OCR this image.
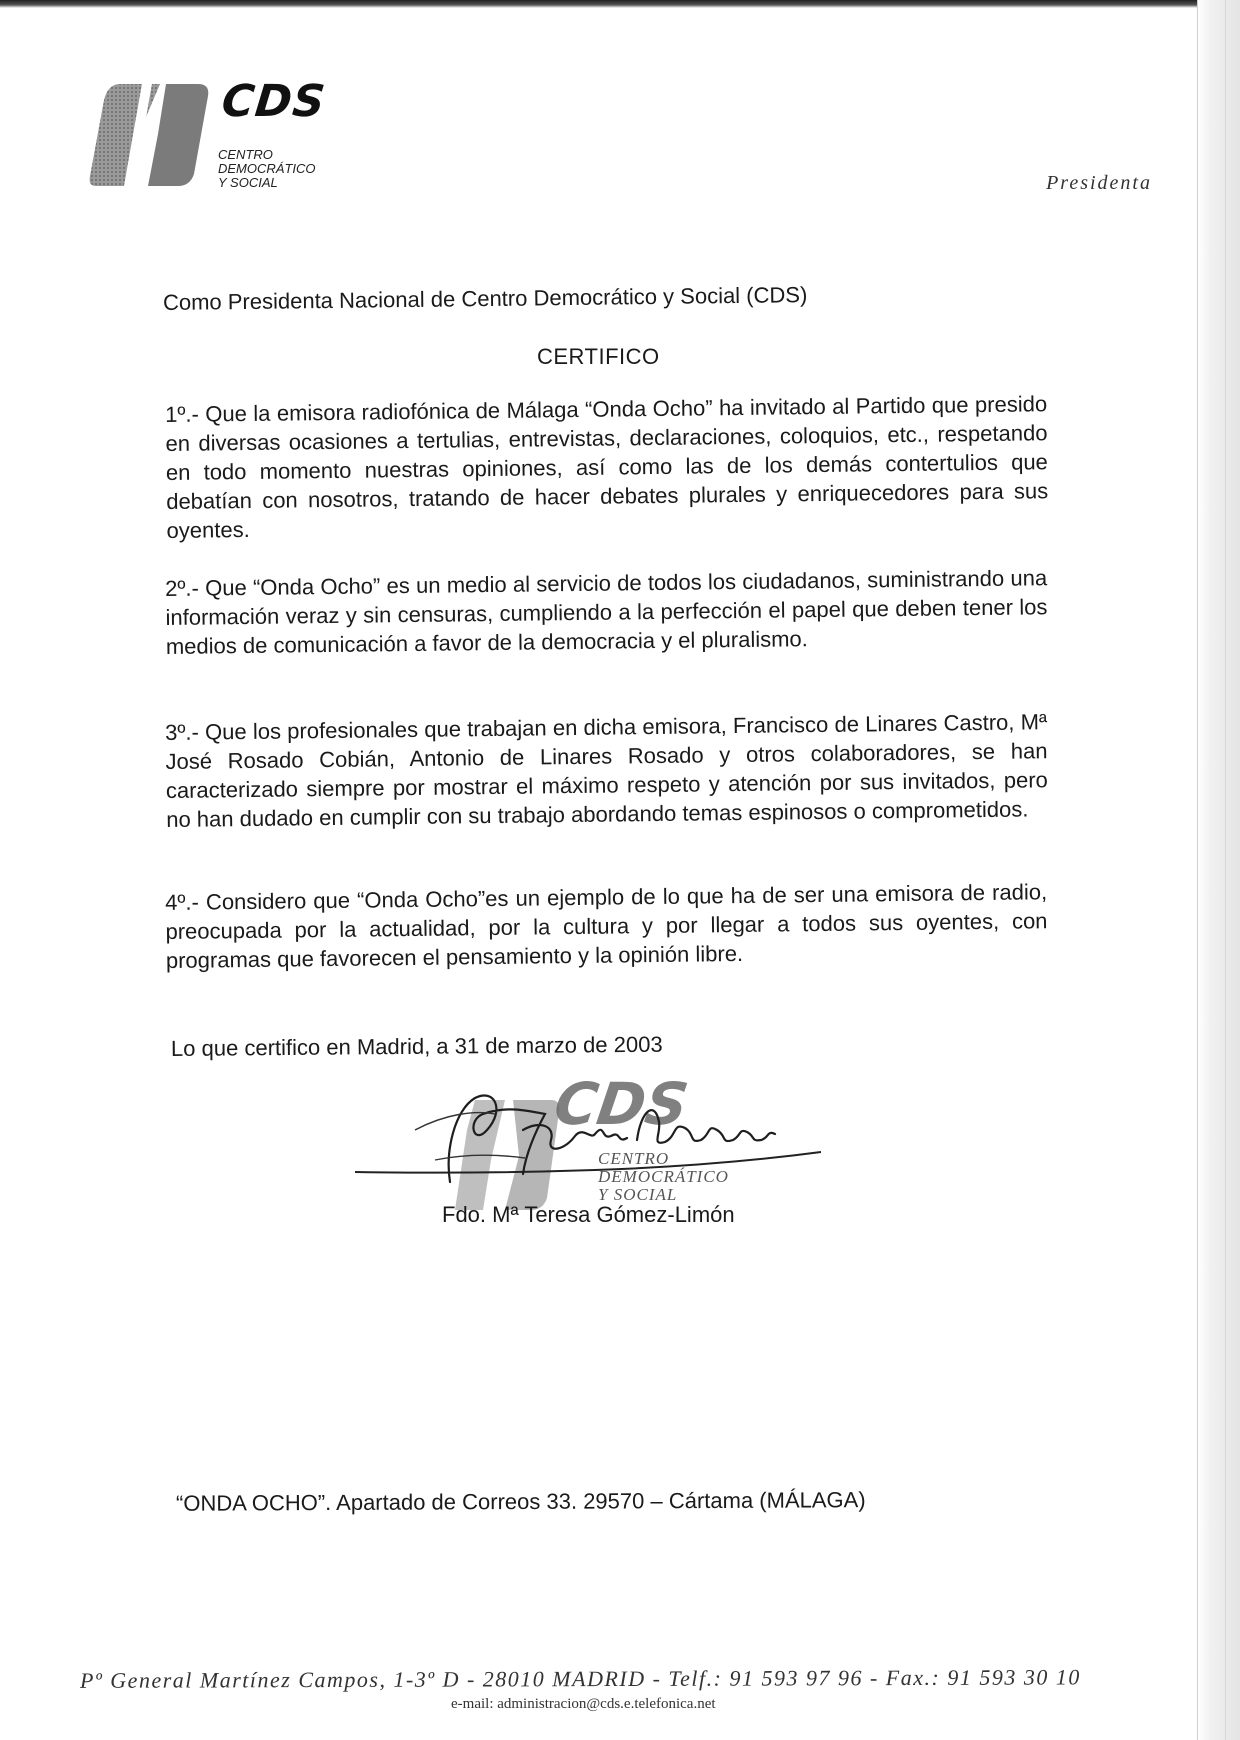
CDS
CENTRO
DEMOCRÁTICO
Y SOCIAL	Presidenta
Como Presidenta Nacional de Centro Democrático y Social (CDS)
CERTIFICO
1º.- Que la emisora radiofónica de Málaga “Onda Ocho” ha invitado al Partido que presido en diversas ocasiones a tertulias, entrevistas, declaraciones, coloquios, etc., respetando en todo momento nuestras opiniones, así como las de los demás contertulios que debatían con nosotros, tratando de hacer debates plurales y enriquecedores para sus oyentes.
2º.- Que “Onda Ocho” es un medio al servicio de todos los ciudadanos, suministrando una información veraz y sin censuras, cumpliendo a la perfección el papel que deben tener los medios de comunicación a favor de la democracia y el pluralismo.
3º.- Que los profesionales que trabajan en dicha emisora, Francisco de Linares Castro, Mª José Rosado Cobián, Antonio de Linares Rosado y otros colaboradores, se han caracterizado siempre por mostrar el máximo respeto y atención por sus invitados, pero no han dudado en cumplir con su trabajo abordando temas espinosos o comprometidos.
4º.- Considero que “Onda Ocho”es un ejemplo de lo que ha de ser una emisora de radio, preocupada por la actualidad, por la cultura y por llegar a todos sus oyentes, con programas que favorecen el pensamiento y la opinión libre.
Lo que certifico en Madrid, a 31 de marzo de 2003
CDS
CENTRO
DEMOCRÁTICO
Y SOCIAL
Fdo. Mª Teresa Gómez-Limón
“ONDA OCHO”. Apartado de Correos 33. 29570 – Cártama (MÁLAGA)
Pº General Martínez Campos, 1-3º D - 28010 MADRID - Telf.: 91 593 97 96 - Fax.: 91 593 30 10
e-mail: administracion@cds.e.telefonica.net
